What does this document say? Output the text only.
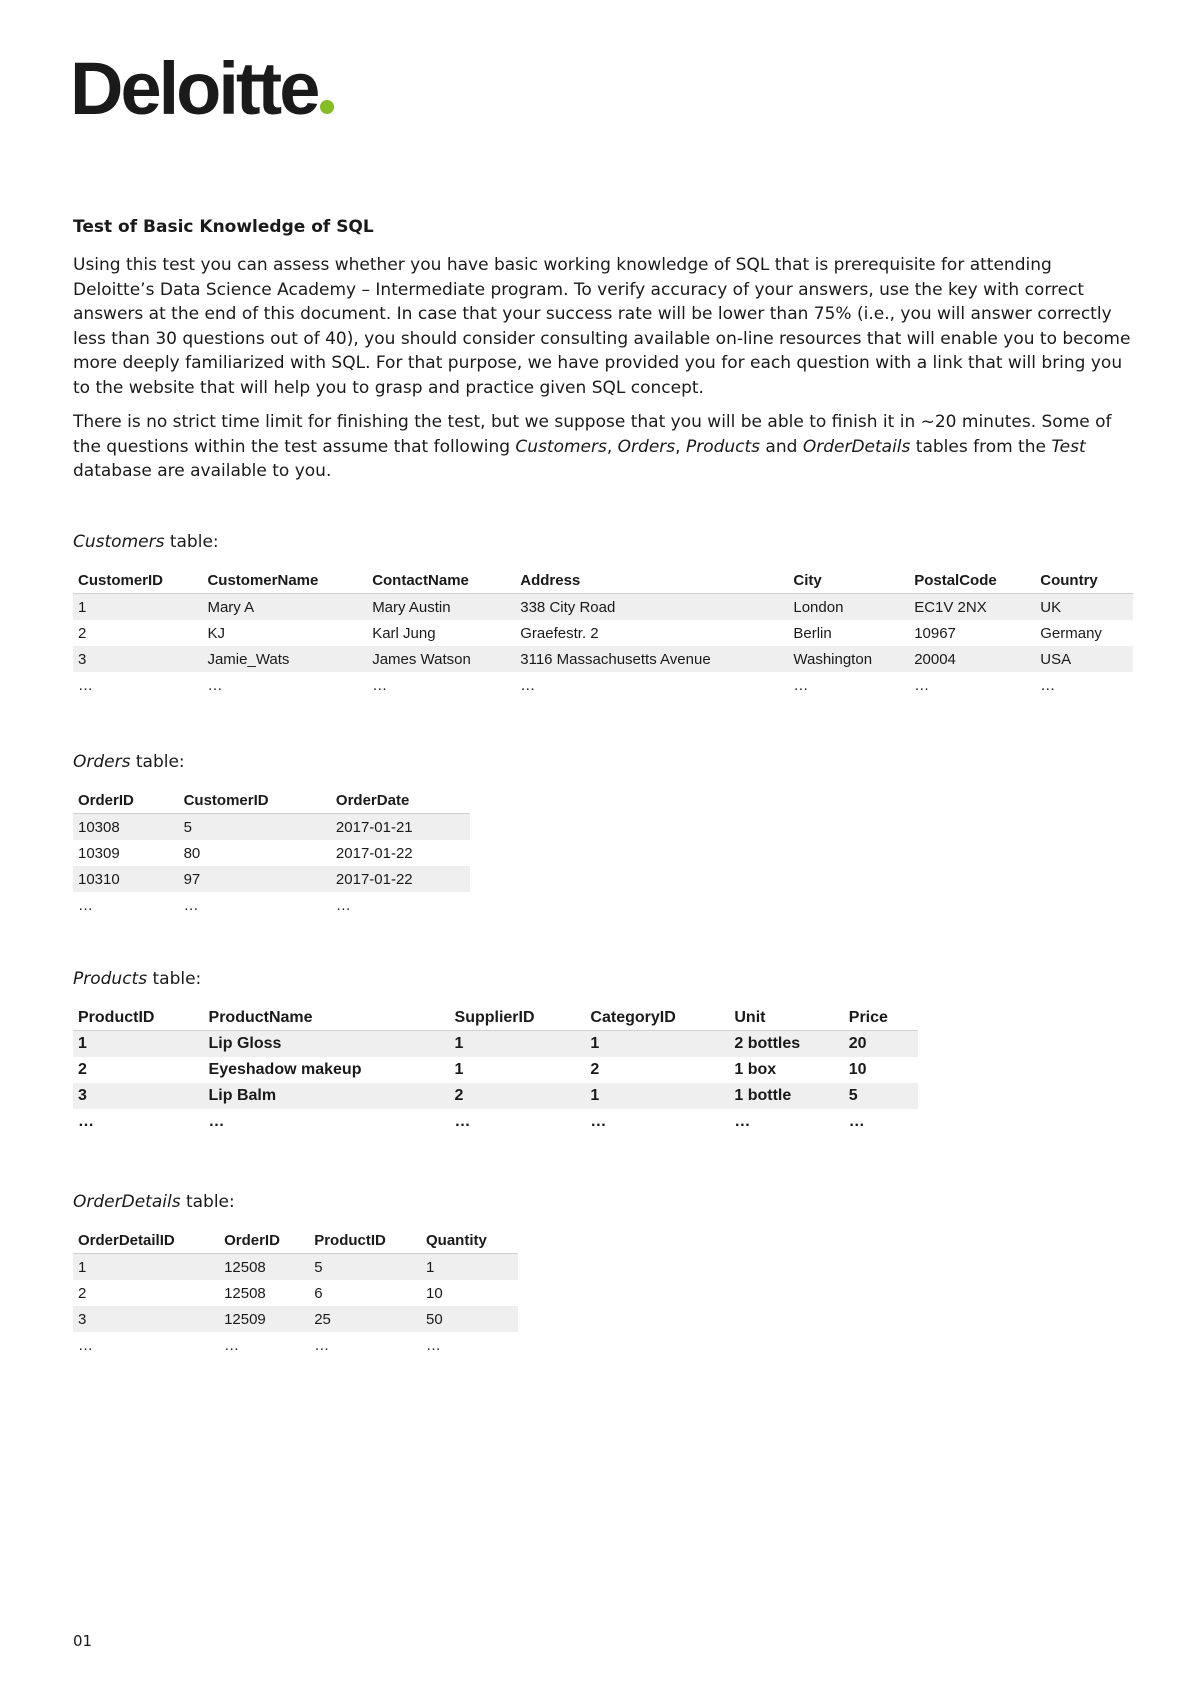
Deloitte
Test of Basic Knowledge of SQL

Using this test you can assess whether you have basic working knowledge of SQL that is prerequisite for attending Deloitte’s Data Science Academy – Intermediate program. To verify accuracy of your answers, use the key with correct answers at the end of this document. In case that your success rate will be lower than 75% (i.e., you will answer correctly less than 30 questions out of 40), you should consider consulting available on-line resources that will enable you to become more deeply familiarized with SQL. For that purpose, we have provided you for each question with a link that will bring you to the website that will help you to grasp and practice given SQL concept.

There is no strict time limit for finishing the test, but we suppose that you will be able to finish it in ~20 minutes. Some of the questions within the test assume that following Customers, Orders, Products and OrderDetails tables from the Test database are available to you.

Customers table:

CustomerID	CustomerName	ContactName	Address	City	PostalCode	Country
1	Mary A	Mary Austin	338 City Road	London	EC1V 2NX	UK
2	KJ	Karl Jung	Graefestr. 2	Berlin	10967	Germany
3	Jamie_Wats	James Watson	3116 Massachusetts Avenue	Washington	20004	USA
…	…	…	…	…	…	…

Orders table:

OrderID	CustomerID	OrderDate
10308	5	2017-01-21
10309	80	2017-01-22
10310	97	2017-01-22
…	…	…

Products table:

ProductID	ProductName	SupplierID	CategoryID	Unit	Price
1	Lip Gloss	1	1	2 bottles	20
2	Eyeshadow makeup	1	2	1 box	10
3	Lip Balm	2	1	1 bottle	5
…	…	…	…	…	…

OrderDetails table:

OrderDetailID	OrderID	ProductID	Quantity
1	12508	5	1
2	12508	6	10
3	12509	25	50
…	…	…	…

01
